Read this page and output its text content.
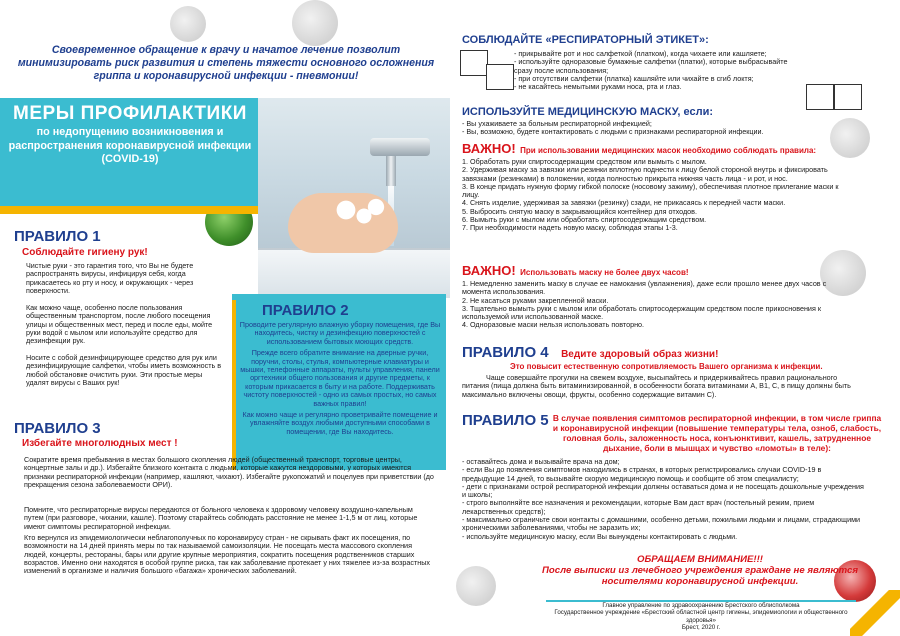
Своевременное обращение к врачу и начатое лечение позволит минимизировать риск развития и степень тяжести основного осложнения гриппа и коронавирусной инфекции - пневмонии!
МЕРЫ ПРОФИЛАКТИКИ
по недопущению возникновения и распространения коронавирусной инфекции (COVID-19)
ПРАВИЛО 1
Соблюдайте гигиену рук!
Чистые руки - это гарантия того, что Вы не будете распространять вирусы, инфицируя себя, когда прикасаетесь ко рту и носу, и окружающих - через поверхности.
Как можно чаще, особенно после пользования общественным транспортом, после любого посещения улицы и общественных мест, перед и после еды, мойте руки водой с мылом или используйте средство для дезинфекции рук.
Носите с собой дезинфицирующее средство для рук или дезинфицирующие салфетки, чтобы иметь возможность в любой обстановке очистить руки. Эти простые меры удалят вирусы с Ваших рук!
ПРАВИЛО 2

Проводите регулярную влажную уборку помещения, где Вы находитесь, чистку и дезинфекцию поверхностей с использованием бытовых моющих средств.

Прежде всего обратите внимание на дверные ручки, поручни, столы, стулья, компьютерные клавиатуры и мышки, телефонные аппараты, пульты управления, панели оргтехники общего пользования и другие предметы, к которым прикасается в быту и на работе. Поддерживать чистоту поверхностей - одно из самых простых, но самых важных правил!

Как можно чаще и регулярно проветривайте помещение и увлажняйте воздух любыми доступными способами в помещении, где Вы находитесь.

ПРАВИЛО 3
Избегайте многолюдных мест !
Сократите время пребывания в местах большого скопления людей (общественный транспорт, торговые центры, концертные залы и др.). Избегайте близкого контакта с людьми, которые кажутся нездоровыми, у которых имеются признаки респираторной инфекции (например, кашляют, чихают). Избегайте рукопожатий и поцелуев при приветствии (до прекращения сезона заболеваемости ОРИ).
Помните, что респираторные вирусы передаются от больного человека к здоровому человеку воздушно-капельным путем (при разговоре, чихании, кашле). Поэтому старайтесь соблюдать расстояние не менее 1-1,5 м от лиц, которые имеют симптомы респираторной инфекции.
Кто вернулся из эпидемиологически неблагополучных по коронавирусу стран - не скрывать факт их посещения, по возможности на 14 дней принять меры по так называемой самоизоляции. Не посещать места массового скопления людей, концерты, рестораны, бары или другие крупные мероприятия, сократить посещения родственников старших возрастов. Именно они находятся в особой группе риска, так как заболевание протекает у них тяжелее из-за возрастных изменений в организме и наличия большого «багажа» хронических заболеваний.
СОБЛЮДАЙТЕ «РЕСПИРАТОРНЫЙ ЭТИКЕТ»:
- прикрывайте рот и нос салфеткой (платком), когда чихаете или кашляете;
- используйте одноразовые бумажные салфетки (платки), которые выбрасывайте сразу после использования;
- при отсутствии салфетки (платка) кашляйте или чихайте в сгиб локтя;
- не касайтесь немытыми руками носа, рта и глаз.
ИСПОЛЬЗУЙТЕ МЕДИЦИНСКУЮ МАСКУ, если:
- Вы ухаживаете за больным респираторной инфекцией;
- Вы, возможно, будете контактировать с людьми с признаками респираторной инфекции.
ВАЖНО! При использовании медицинских масок необходимо соблюдать правила:
1. Обработать руки спиртосодержащим средством или вымыть с мылом.
2. Удерживая маску за завязки или резинки вплотную поднести к лицу белой стороной внутрь и фиксировать завязками (резинками) в положении, когда полностью прикрыта нижняя часть лица - и рот, и нос.
3. В конце придать нужную форму гибкой полоске (носовому зажиму), обеспечивая плотное прилегание маски к лицу.
4. Снять изделие, удерживая за завязки (резинку) сзади, не прикасаясь к передней части маски.
5. Выбросить снятую маску в закрывающийся контейнер для отходов.
6. Вымыть руки с мылом или обработать спиртосодержащим средством.
7. При необходимости надеть новую маску, соблюдая этапы 1-3.
ВАЖНО! Использовать маску не более двух часов!
1. Немедленно заменить маску в случае ее намокания (увлажнения), даже если прошло менее двух часов с момента использования.
2. Не касаться руками закрепленной маски.
3. Тщательно вымыть руки с мылом или обработать спиртосодержащим средством после прикосновения к используемой или использованной маске.
4. Одноразовые маски нельзя использовать повторно.
ПРАВИЛО 4 Ведите здоровый образ жизни!
Это повысит естественную сопротивляемость Вашего организма к инфекции.
Чаще совершайте прогулки на свежем воздухе, высыпайтесь и придерживайтесь правил рационального питания (пища должна быть витаминизированной, в особенности богата витаминами А, В1, С, в пищу должны быть максимально включены овощи, фрукты, особенно содержащие витамин С).
ПРАВИЛО 5 В случае появления симптомов респираторной инфекции, в том числе гриппа и коронавирусной инфекции (повышение температуры тела, озноб, слабость, головная боль, заложенность носа, конъюнктивит, кашель, затрудненное дыхание, боли в мышцах и чувство «ломоты» в теле):
- оставайтесь дома и вызывайте врача на дом;
- если Вы до появления симптомов находились в странах, в которых регистрировались случаи COVID-19 в предыдущие 14 дней, то вызывайте скорую медицинскую помощь и сообщите об этом специалисту;
- дети с признаками острой респираторной инфекции должны оставаться дома и не посещать дошкольные учреждения и школы;
- строго выполняйте все назначения и рекомендации, которые Вам даст врач (постельный режим, прием лекарственных средств);
- максимально ограничьте свои контакты с домашними, особенно детьми, пожилыми людьми и лицами, страдающими хроническими заболеваниями, чтобы не заразить их;
- используйте медицинскую маску, если Вы вынуждены контактировать с людьми.
ОБРАЩАЕМ ВНИМАНИЕ!!!
После выписки из лечебного учреждения граждане не являются носителями коронавирусной инфекции.
Главное управление по здравоохранению Брестского облисполкома
Государственное учреждение «Брестский областной центр гигиены, эпидемиологии и общественного здоровья»
Брест, 2020 г.
